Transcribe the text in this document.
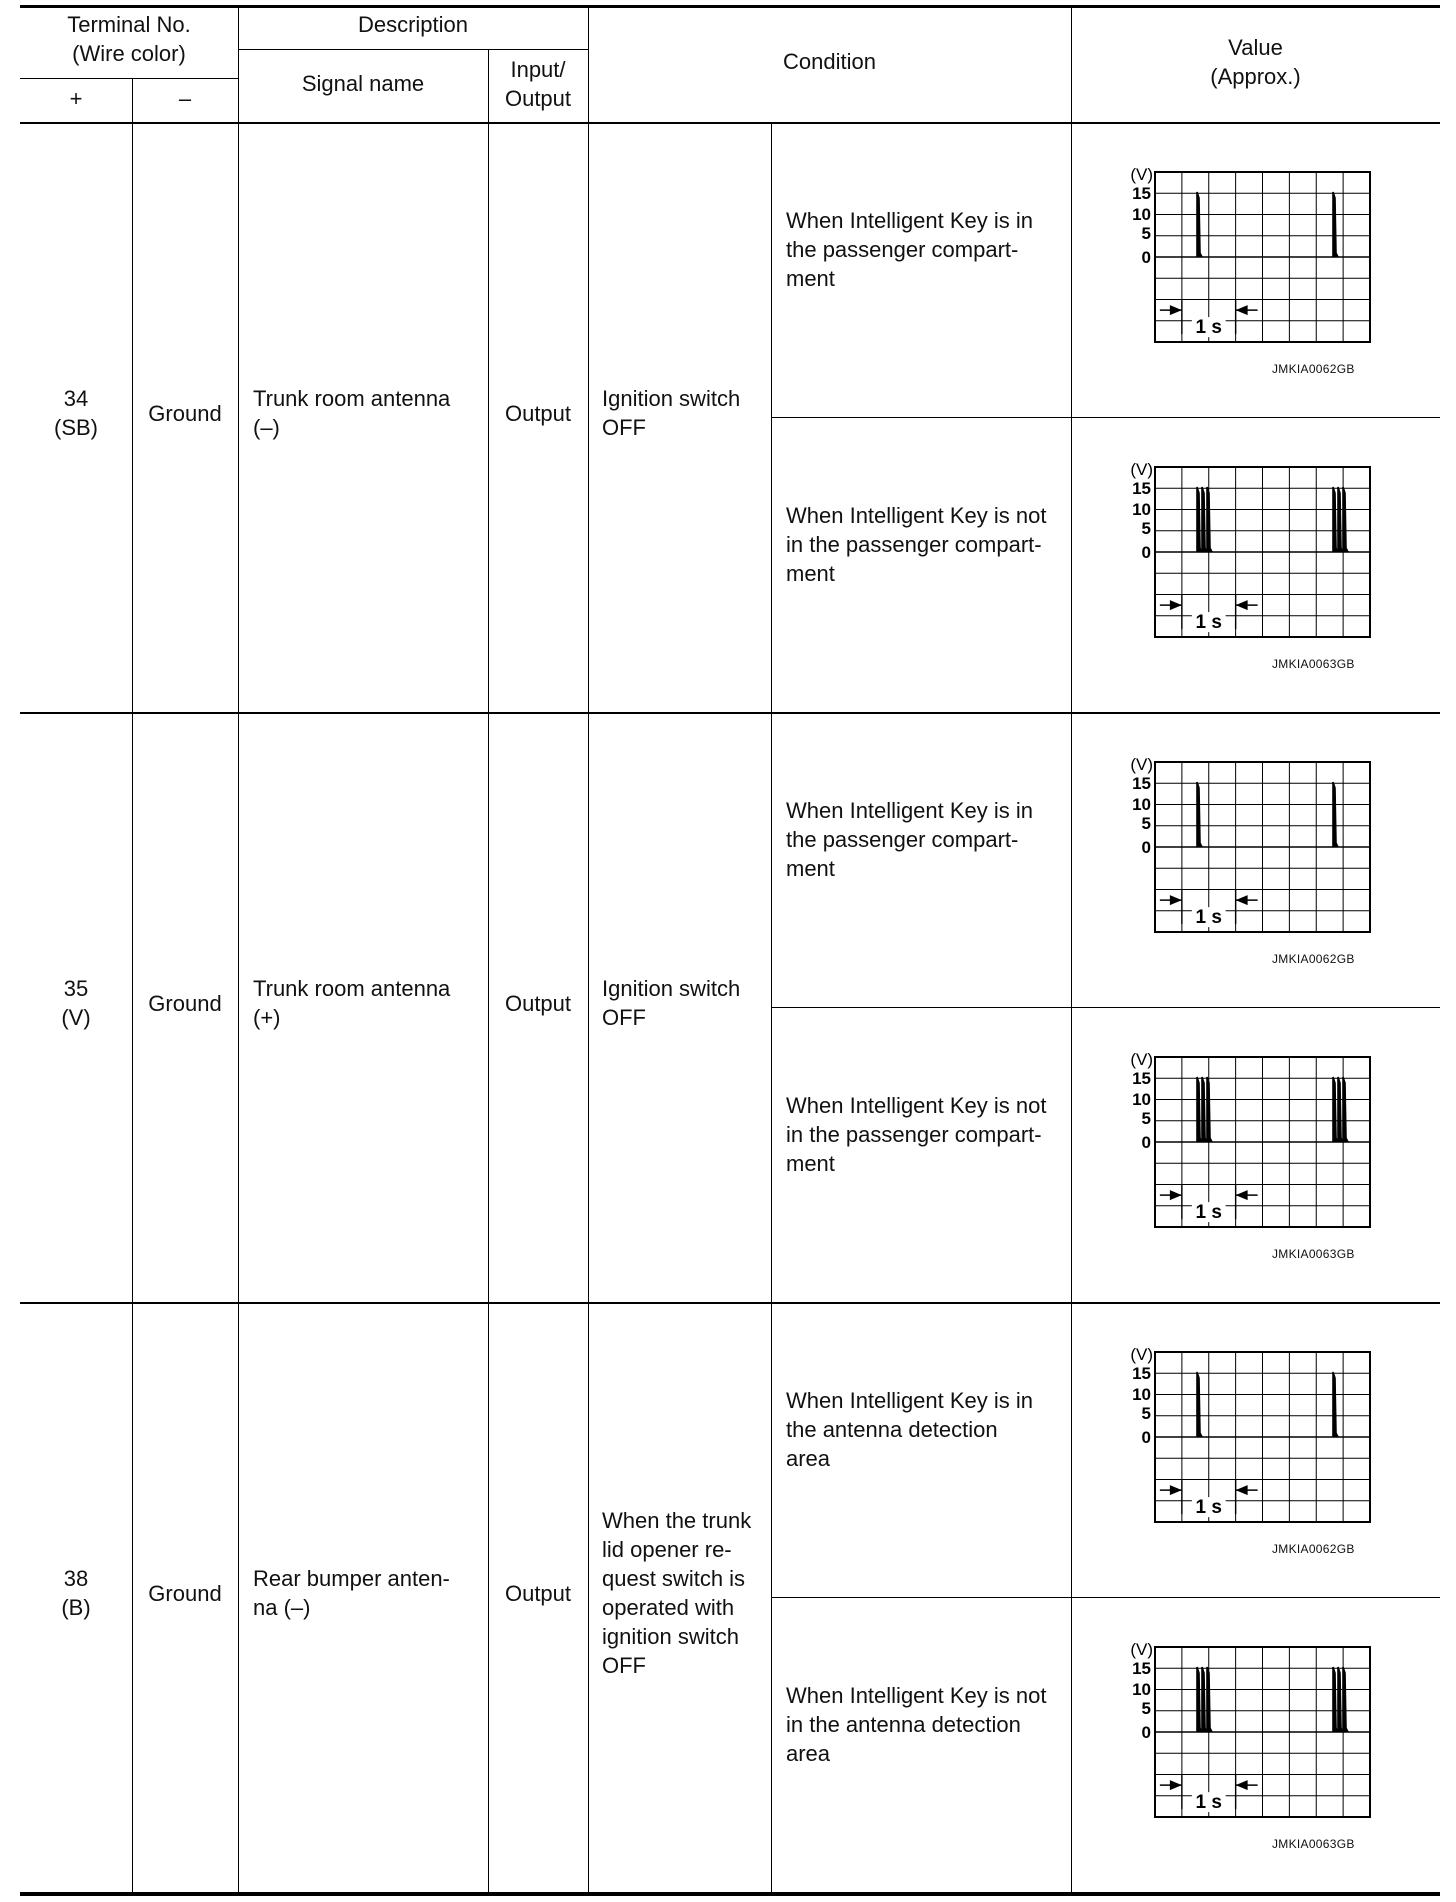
Terminal No.
(Wire color)
+	–
Description
Signal name
Input/
Output
Condition
Value
(Approx.)
34
(SB)
Ground
Trunk room antenna
(–)
Output
Ignition switch
OFF
When Intelligent Key is in
the passenger compart-
ment
(V)
15
10
5
0
1 s
JMKIA0062GB
When Intelligent Key is not
in the passenger compart-
ment
(V)
15
10
5
0
1 s
JMKIA0063GB
35
(V)
Ground
Trunk room antenna
(+)
Output
Ignition switch
OFF
When Intelligent Key is in
the passenger compart-
ment
(V)
15
10
5
0
1 s
JMKIA0062GB
When Intelligent Key is not
in the passenger compart-
ment
(V)
15
10
5
0
1 s
JMKIA0063GB
38
(B)
Ground
Rear bumper anten-
na (–)
Output
When the trunk
lid opener re-
quest switch is
operated with
ignition switch
OFF
When Intelligent Key is in
the antenna detection
area
(V)
15
10
5
0
1 s
JMKIA0062GB
When Intelligent Key is not
in the antenna detection
area
(V)
15
10
5
0
1 s
JMKIA0063GB
